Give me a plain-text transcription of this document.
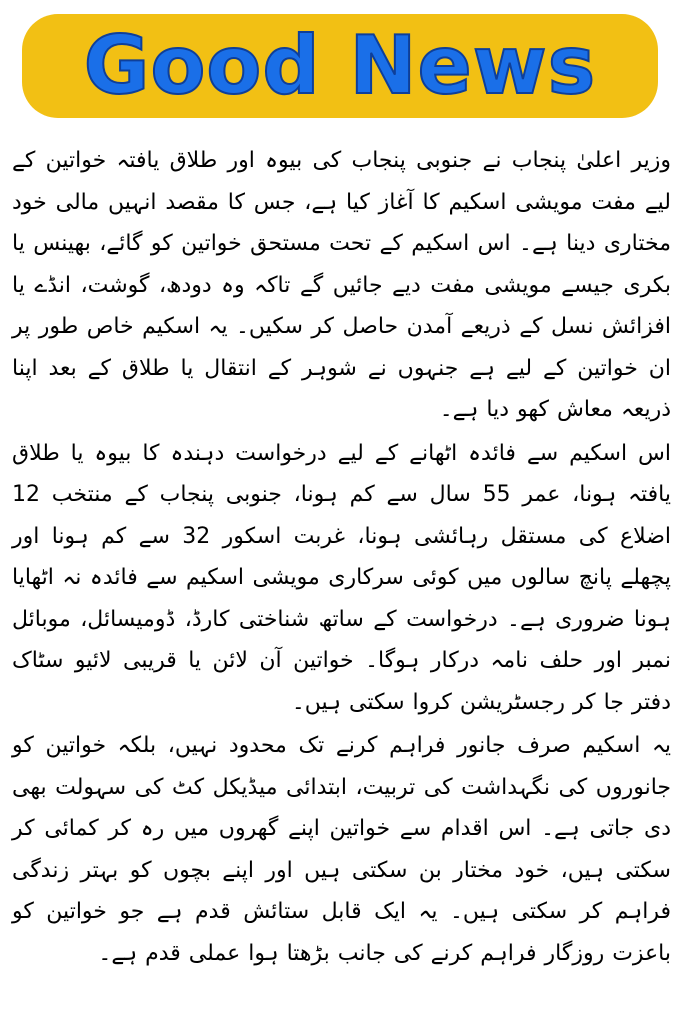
Good News

وزیر اعلیٰ پنجاب نے جنوبی پنجاب کی بیوہ اور طلاق یافتہ خواتین کے لیے مفت مویشی اسکیم کا آغاز کیا ہے، جس کا مقصد انہیں مالی خود مختاری دینا ہے۔ اس اسکیم کے تحت مستحق خواتین کو گائے، بھینس یا بکری جیسے مویشی مفت دیے جائیں گے تاکہ وہ دودھ، گوشت، انڈے یا افزائش نسل کے ذریعے آمدن حاصل کر سکیں۔ یہ اسکیم خاص طور پر ان خواتین کے لیے ہے جنہوں نے شوہر کے انتقال یا طلاق کے بعد اپنا ذریعہ معاش کھو دیا ہے۔

اس اسکیم سے فائدہ اٹھانے کے لیے درخواست دہندہ کا بیوہ یا طلاق یافتہ ہونا، عمر 55 سال سے کم ہونا، جنوبی پنجاب کے منتخب 12 اضلاع کی مستقل رہائشی ہونا، غربت اسکور 32 سے کم ہونا اور پچھلے پانچ سالوں میں کوئی سرکاری مویشی اسکیم سے فائدہ نہ اٹھایا ہونا ضروری ہے۔ درخواست کے ساتھ شناختی کارڈ، ڈومیسائل، موبائل نمبر اور حلف نامہ درکار ہوگا۔ خواتین آن لائن یا قریبی لائیو سٹاک دفتر جا کر رجسٹریشن کروا سکتی ہیں۔

یہ اسکیم صرف جانور فراہم کرنے تک محدود نہیں، بلکہ خواتین کو جانوروں کی نگہداشت کی تربیت، ابتدائی میڈیکل کٹ کی سہولت بھی دی جاتی ہے۔ اس اقدام سے خواتین اپنے گھروں میں رہ کر کمائی کر سکتی ہیں، خود مختار بن سکتی ہیں اور اپنے بچوں کو بہتر زندگی فراہم کر سکتی ہیں۔ یہ ایک قابل ستائش قدم ہے جو خواتین کو باعزت روزگار فراہم کرنے کی جانب بڑھتا ہوا عملی قدم ہے۔
